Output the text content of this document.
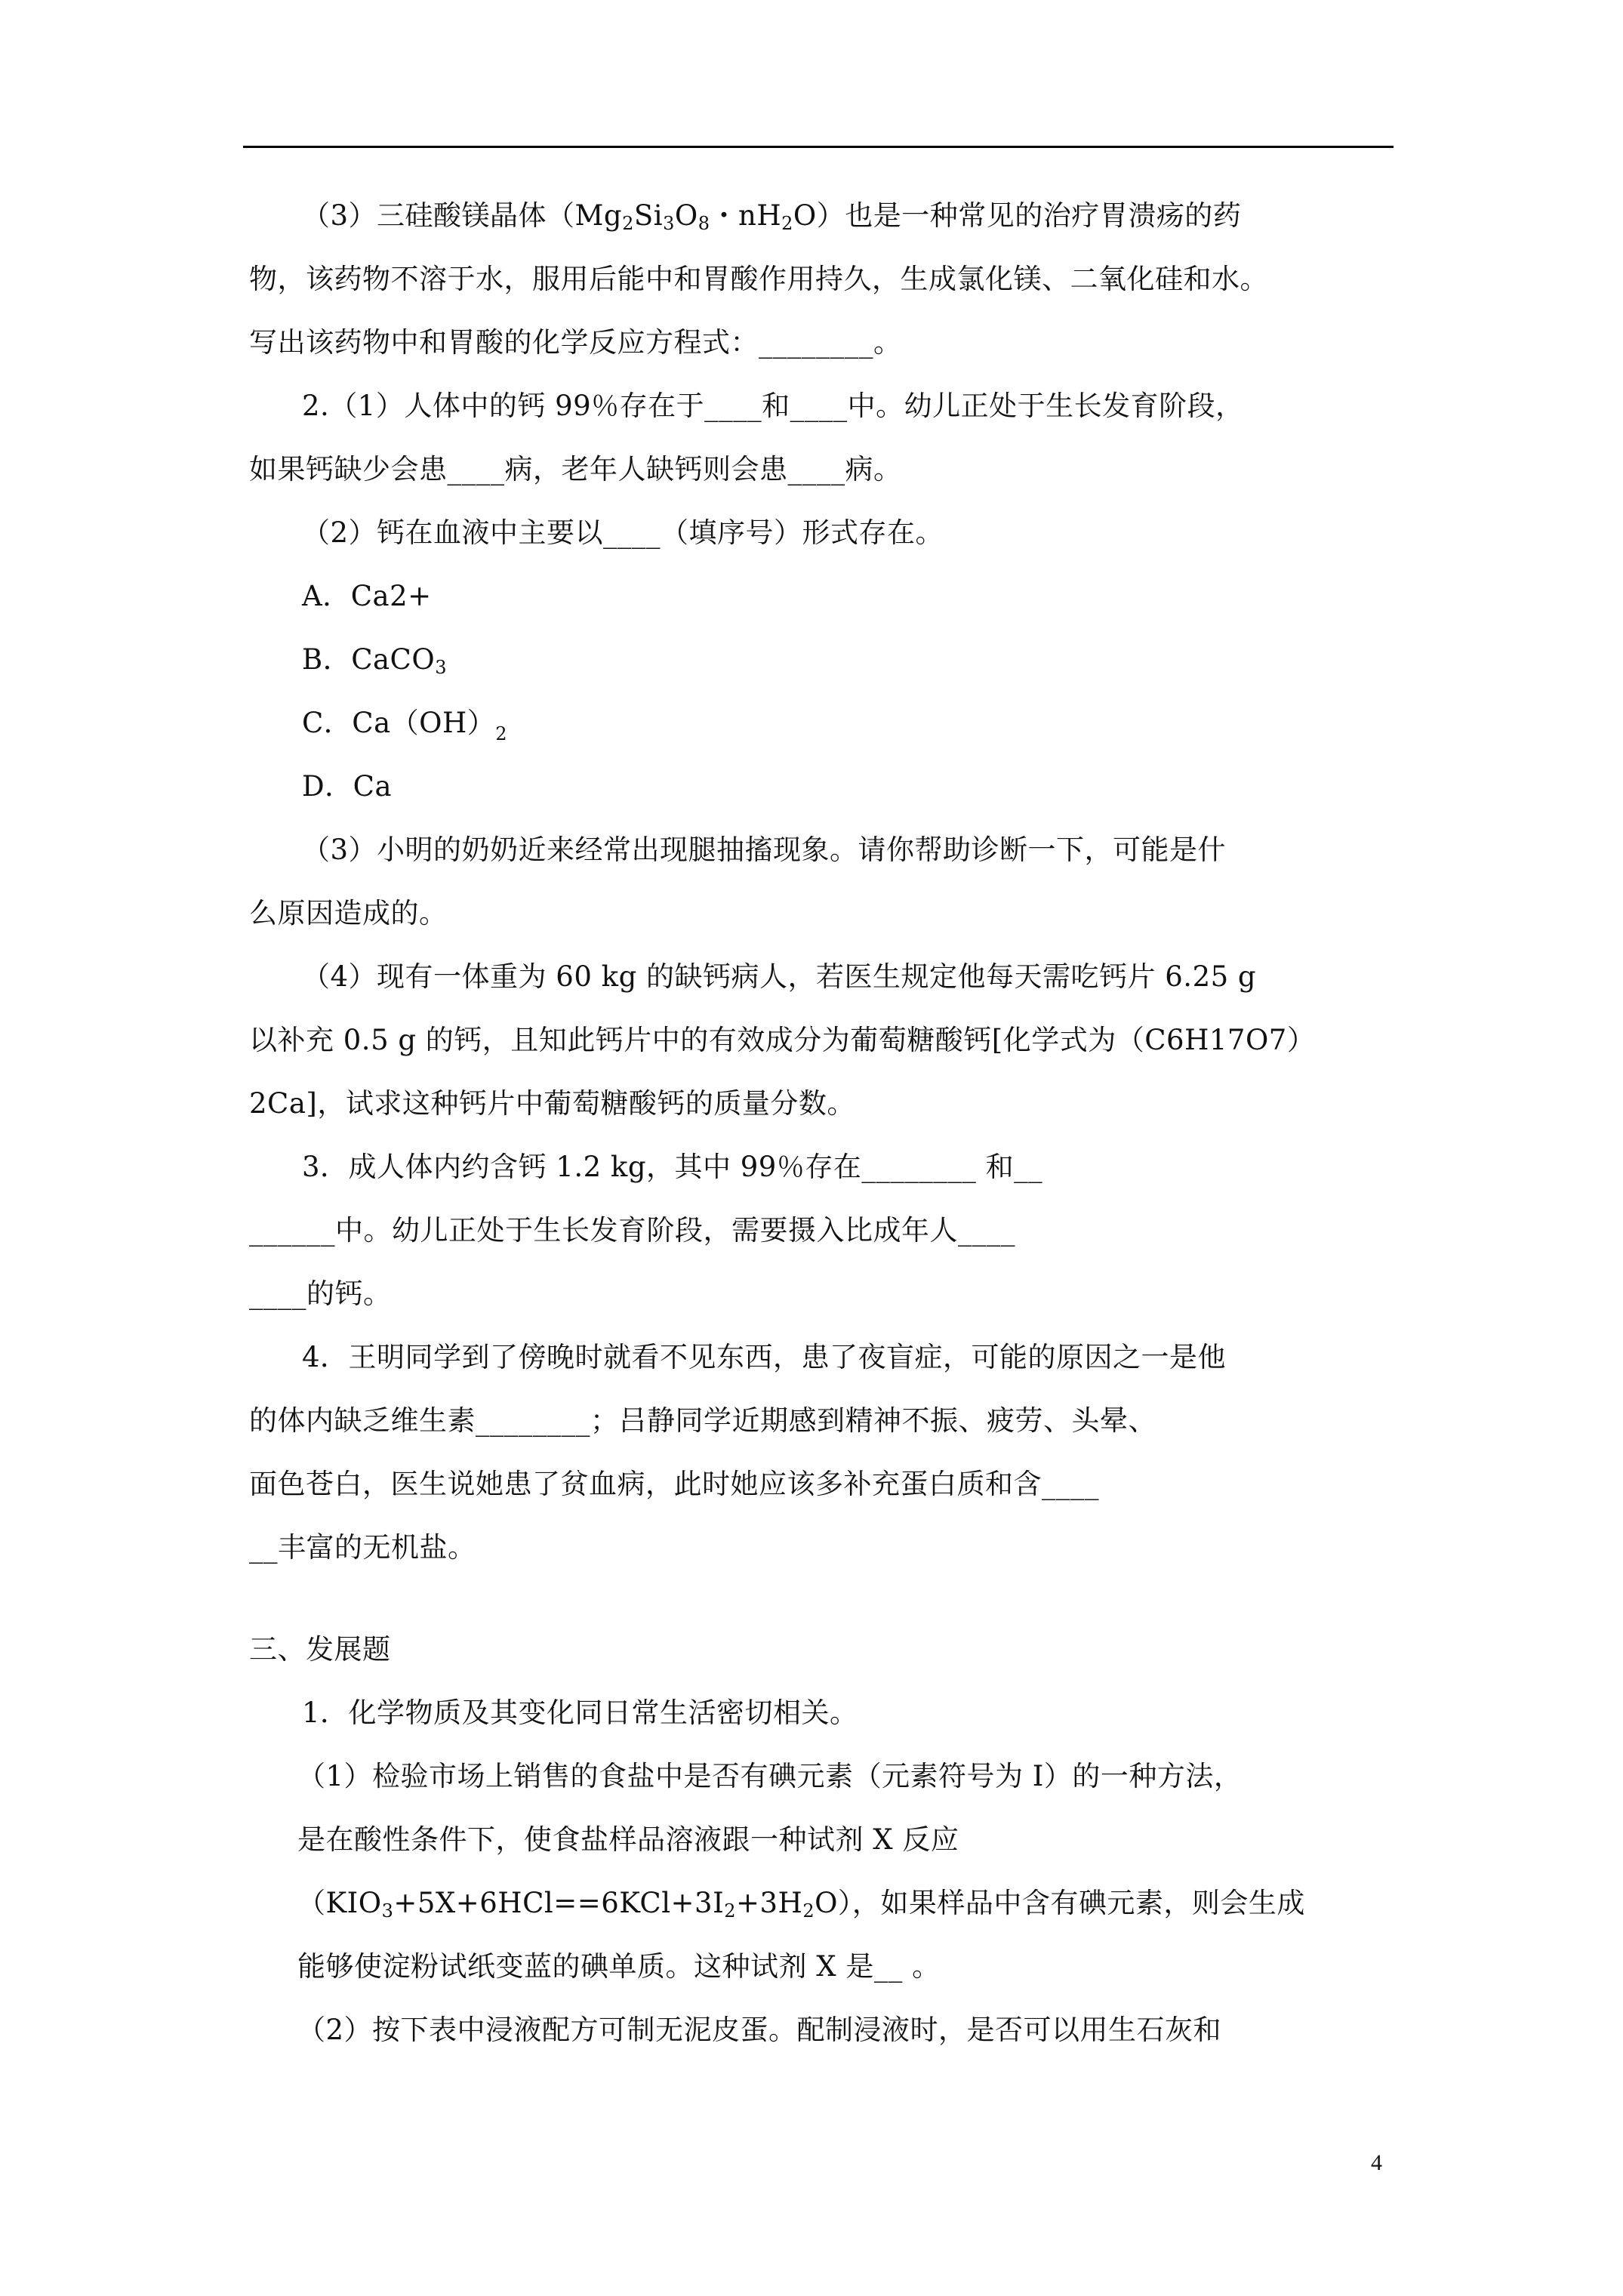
（3）三硅酸镁晶体（$Mg_2Si_3O_8$・$nH_2O$）也是一种常见的治疗胃溃疡的药
物，该药物不溶于水，服用后能中和胃酸作用持久，生成氯化镁、二氧化硅和水。
写出该药物中和胃酸的化学反应方程式：________。
2.（1）人体中的钙 99％存在于____和____中。幼儿正处于生长发育阶段，
如果钙缺少会患____病，老年人缺钙则会患____病。
（2）钙在血液中主要以____（填序号）形式存在。
A．Ca2+
B．CaCO$_3$
C．$Ca(OH)_2$
D．Ca
（3）小明的奶奶近来经常出现腿抽搐现象。请你帮助诊断一下，可能是什
么原因造成的。
（4）现有一体重为 60 kg 的缺钙病人，若医生规定他每天需吃钙片 6.25 g
以补充 0.5 g 的钙，且知此钙片中的有效成分为葡萄糖酸钙[化学式为（C6H17O7）
2Ca]，试求这种钙片中葡萄糖酸钙的质量分数。
3．成人体内约含钙 1.2 kg，其中 99％存在________ 和__
______中。幼儿正处于生长发育阶段，需要摄入比成年人____
____的钙。
4．王明同学到了傍晚时就看不见东西，患了夜盲症，可能的原因之一是他
的体内缺乏维生素________；吕静同学近期感到精神不振、疲劳、头晕、
面色苍白，医生说她患了贫血病，此时她应该多补充蛋白质和含____
__丰富的无机盐。
三、发展题
1．化学物质及其变化同日常生活密切相关。
（1）检验市场上销售的食盐中是否有碘元素（元素符号为 I）的一种方法，
是在酸性条件下，使食盐样品溶液跟一种试剂 X 反应
$(KIO_3+5X+6HCl==6KCl+3I_2+3H_2O)$，如果样品中含有碘元素，则会生成
能够使淀粉试纸变蓝的碘单质。这种试剂 X 是__ 。
（2）按下表中浸液配方可制无泥皮蛋。配制浸液时，是否可以用生石灰和
4
